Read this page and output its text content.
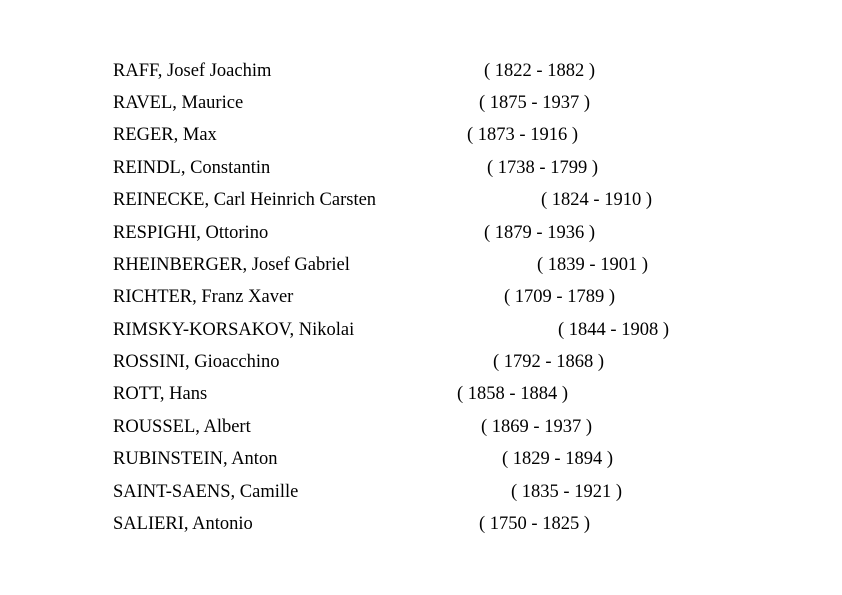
RAFF, Josef Joachim	( 1822 - 1882 )
RAVEL, Maurice	( 1875 - 1937 )
REGER, Max	( 1873 - 1916 )
REINDL, Constantin	( 1738 - 1799 )
REINECKE, Carl Heinrich Carsten	( 1824 - 1910 )
RESPIGHI, Ottorino	( 1879 - 1936 )
RHEINBERGER, Josef Gabriel	( 1839 - 1901 )
RICHTER, Franz Xaver	( 1709 - 1789 )
RIMSKY-KORSAKOV, Nikolai	( 1844 - 1908 )
ROSSINI, Gioacchino	( 1792 - 1868 )
ROTT, Hans	( 1858 - 1884 )
ROUSSEL, Albert	( 1869 - 1937 )
RUBINSTEIN, Anton	( 1829 - 1894 )
SAINT-SAENS, Camille	( 1835 - 1921 )
SALIERI, Antonio	( 1750 - 1825 )
